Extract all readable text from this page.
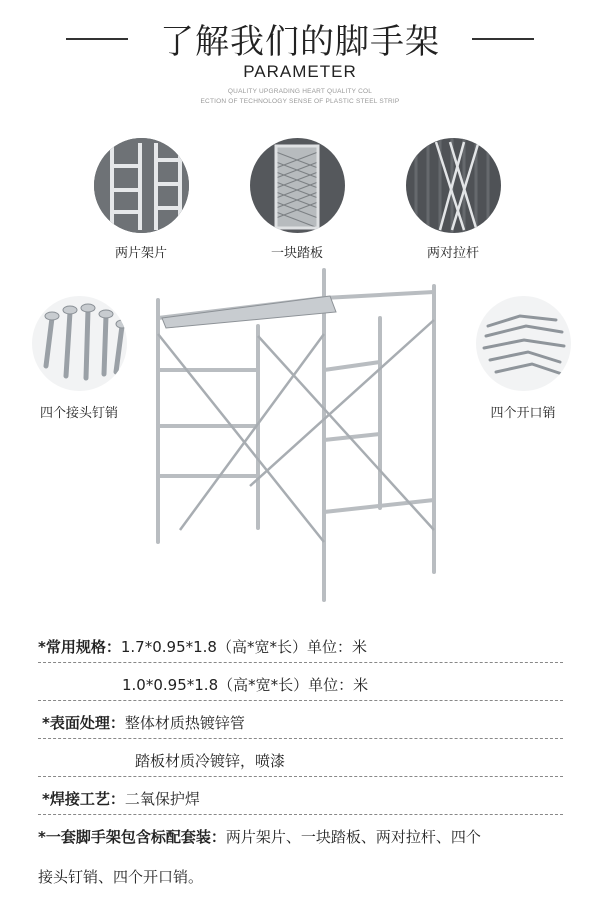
了解我们的脚手架
PARAMETER
QUALITY UPGRADING HEART QUALITY COL
ECTION OF TECHNOLOGY SENSE OF PLASTIC STEEL STRIP
两片架片	一块踏板	两对拉杆
四个接头钉销	四个开口销
*常用规格：1.7*0.95*1.8（高*宽*长）单位：米
1.0*0.95*1.8（高*宽*长）单位：米
*表面处理：整体材质热镀锌管
踏板材质冷镀锌，喷漆
*焊接工艺：二氧保护焊
*一套脚手架包含标配套装：两片架片、一块踏板、两对拉杆、四个
接头钉销、四个开口销。
